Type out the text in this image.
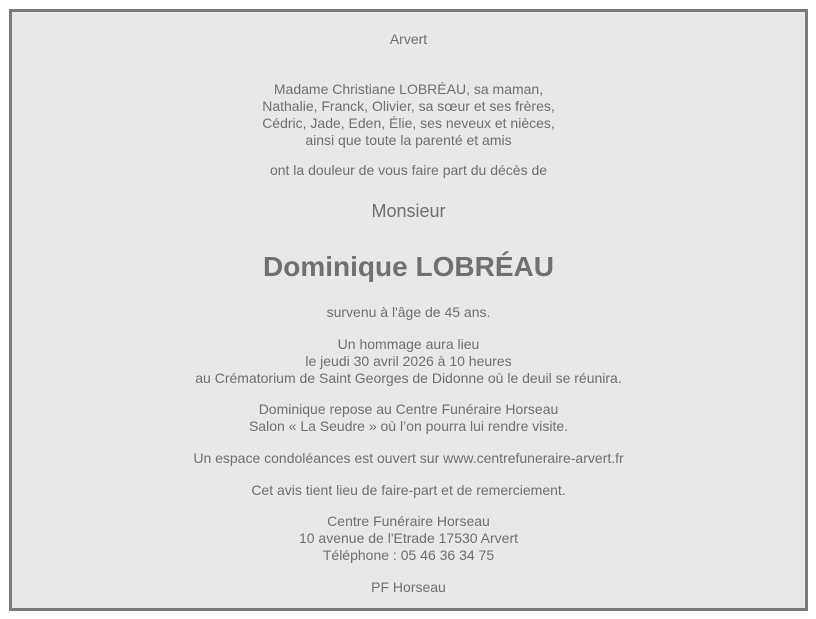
Arvert
Madame Christiane LOBRÉAU, sa maman,
Nathalie, Franck, Olivier, sa sœur et ses frères,
Cédric, Jade, Eden, Élie, ses neveux et nièces,
ainsi que toute la parenté et amis
ont la douleur de vous faire part du décès de
Monsieur
Dominique LOBRÉAU
survenu à l'âge de 45 ans.
Un hommage aura lieu
le jeudi 30 avril 2026 à 10 heures
au Crématorium de Saint Georges de Didonne où le deuil se réunira.
Dominique repose au Centre Funéraire Horseau
Salon « La Seudre » où l’on pourra lui rendre visite.
Un espace condoléances est ouvert sur www.centrefuneraire-arvert.fr
Cet avis tient lieu de faire-part et de remerciement.
Centre Funéraire Horseau
10 avenue de l'Etrade 17530 Arvert
Téléphone : 05 46 36 34 75
PF Horseau
